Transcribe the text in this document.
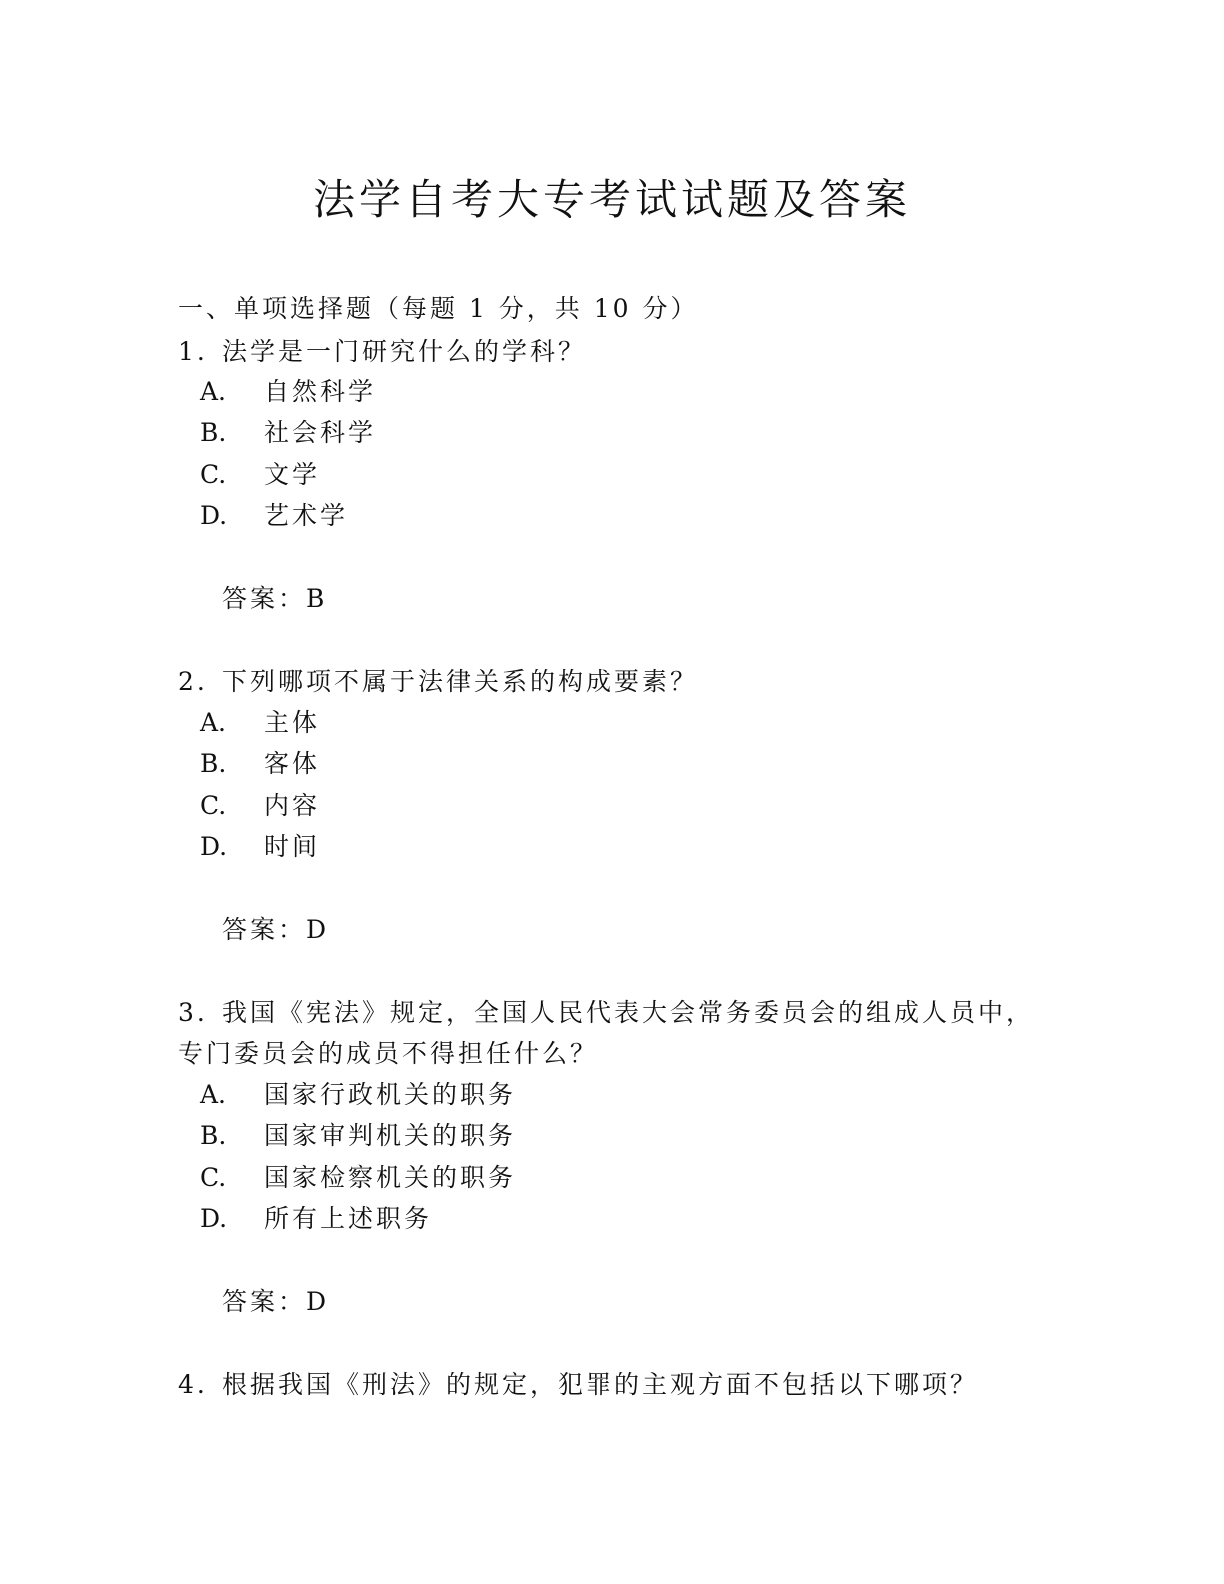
法学自考大专考试试题及答案
一、单项选择题（每题 1 分，共 10 分）
1. 法学是一门研究什么的学科？
A. 自然科学
B. 社会科学
C. 文学
D. 艺术学
答案：B
2. 下列哪项不属于法律关系的构成要素？
A. 主体
B. 客体
C. 内容
D. 时间
答案：D
3. 我国《宪法》规定，全国人民代表大会常务委员会的组成人员中，
专门委员会的成员不得担任什么？
A. 国家行政机关的职务
B. 国家审判机关的职务
C. 国家检察机关的职务
D. 所有上述职务
答案：D
4. 根据我国《刑法》的规定，犯罪的主观方面不包括以下哪项？
